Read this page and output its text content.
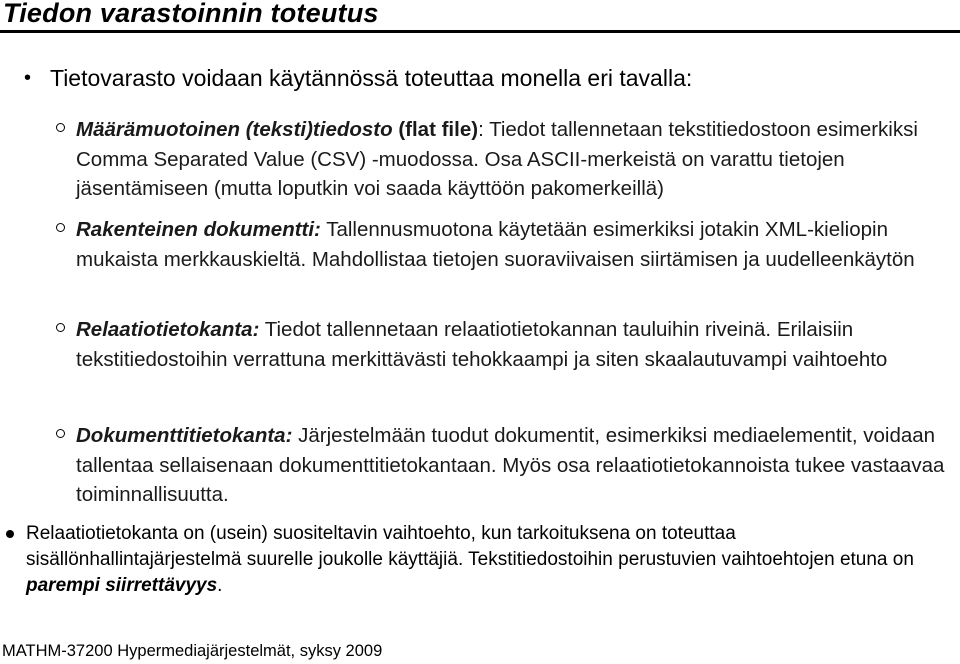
Tiedon varastoinnin toteutus
• Tietovarasto voidaan käytännössä toteuttaa monella eri tavalla:
Määrämuotoinen (teksti)tiedosto (flat file): Tiedot tallennetaan tekstitiedostoon esimerkiksi Comma Separated Value (CSV) -muodossa. Osa ASCII-merkeistä on varattu tietojen jäsentämiseen (mutta loputkin voi saada käyttöön pakomerkeillä)
Rakenteinen dokumentti: Tallennusmuotona käytetään esimerkiksi jotakin XML-kieliopin mukaista merkkauskieltä. Mahdollistaa tietojen suoraviivaisen siirtämisen ja uudelleenkäytön
Relaatiotietokanta: Tiedot tallennetaan relaatiotietokannan tauluihin riveinä. Erilaisiin tekstitiedostoihin verrattuna merkittävästi tehokkaampi ja siten skaalautuvampi vaihtoehto
Dokumenttitietokanta: Järjestelmään tuodut dokumentit, esimerkiksi mediaelementit, voidaan tallentaa sellaisenaan dokumenttitietokantaan. Myös osa relaatiotietokannoista tukee vastaavaa toiminnallisuutta.
Relaatiotietokanta on (usein) suositeltavin vaihtoehto, kun tarkoituksena on toteuttaa sisällönhallintajärjestelmä suurelle joukolle käyttäjiä. Tekstitiedostoihin perustuvien vaihtoehtojen etuna on parempi siirrettävyys.
MATHM-37200 Hypermediajärjestelmät, syksy 2009
